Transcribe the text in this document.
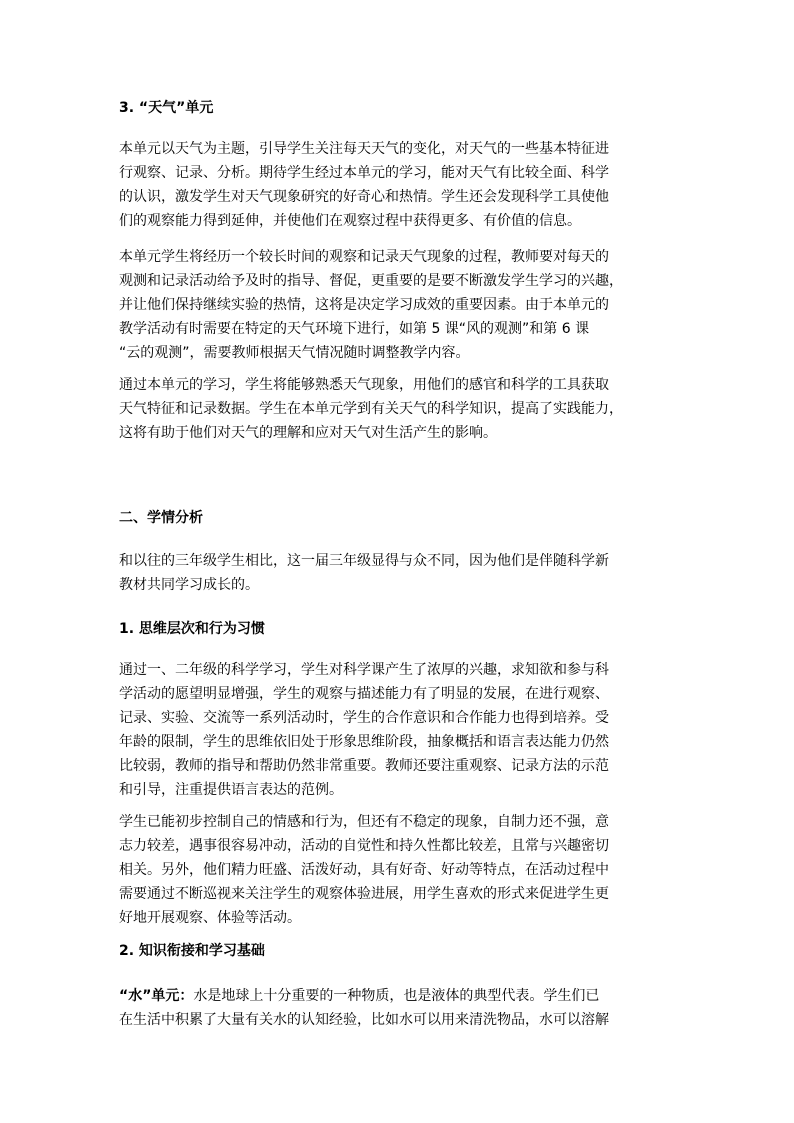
3. “天气”单元
本单元以天气为主题，引导学生关注每天天气的变化，对天气的一些基本特征进
行观察、记录、分析。期待学生经过本单元的学习，能对天气有比较全面、科学
的认识，激发学生对天气现象研究的好奇心和热情。学生还会发现科学工具使他
们的观察能力得到延伸，并使他们在观察过程中获得更多、有价值的信息。
本单元学生将经历一个较长时间的观察和记录天气现象的过程，教师要对每天的
观测和记录活动给予及时的指导、督促，更重要的是要不断激发学生学习的兴趣，
并让他们保持继续实验的热情，这将是决定学习成效的重要因素。由于本单元的
教学活动有时需要在特定的天气环境下进行，如第 5 课“风的观测”和第 6 课
“云的观测”，需要教师根据天气情况随时调整教学内容。
通过本单元的学习，学生将能够熟悉天气现象，用他们的感官和科学的工具获取
天气特征和记录数据。学生在本单元学到有关天气的科学知识，提高了实践能力，
这将有助于他们对天气的理解和应对天气对生活产生的影响。
二、学情分析
和以往的三年级学生相比，这一届三年级显得与众不同，因为他们是伴随科学新
教材共同学习成长的。
1. 思维层次和行为习惯
通过一、二年级的科学学习，学生对科学课产生了浓厚的兴趣，求知欲和参与科
学活动的愿望明显增强，学生的观察与描述能力有了明显的发展，在进行观察、
记录、实验、交流等一系列活动时，学生的合作意识和合作能力也得到培养。受
年龄的限制，学生的思维依旧处于形象思维阶段，抽象概括和语言表达能力仍然
比较弱，教师的指导和帮助仍然非常重要。教师还要注重观察、记录方法的示范
和引导，注重提供语言表达的范例。
学生已能初步控制自己的情感和行为，但还有不稳定的现象，自制力还不强，意
志力较差，遇事很容易冲动，活动的自觉性和持久性都比较差，且常与兴趣密切
相关。另外，他们精力旺盛、活泼好动，具有好奇、好动等特点，在活动过程中
需要通过不断巡视来关注学生的观察体验进展，用学生喜欢的形式来促进学生更
好地开展观察、体验等活动。
2. 知识衔接和学习基础
“水”单元：水是地球上十分重要的一种物质，也是液体的典型代表。学生们已
在生活中积累了大量有关水的认知经验，比如水可以用来清洗物品，水可以溶解
